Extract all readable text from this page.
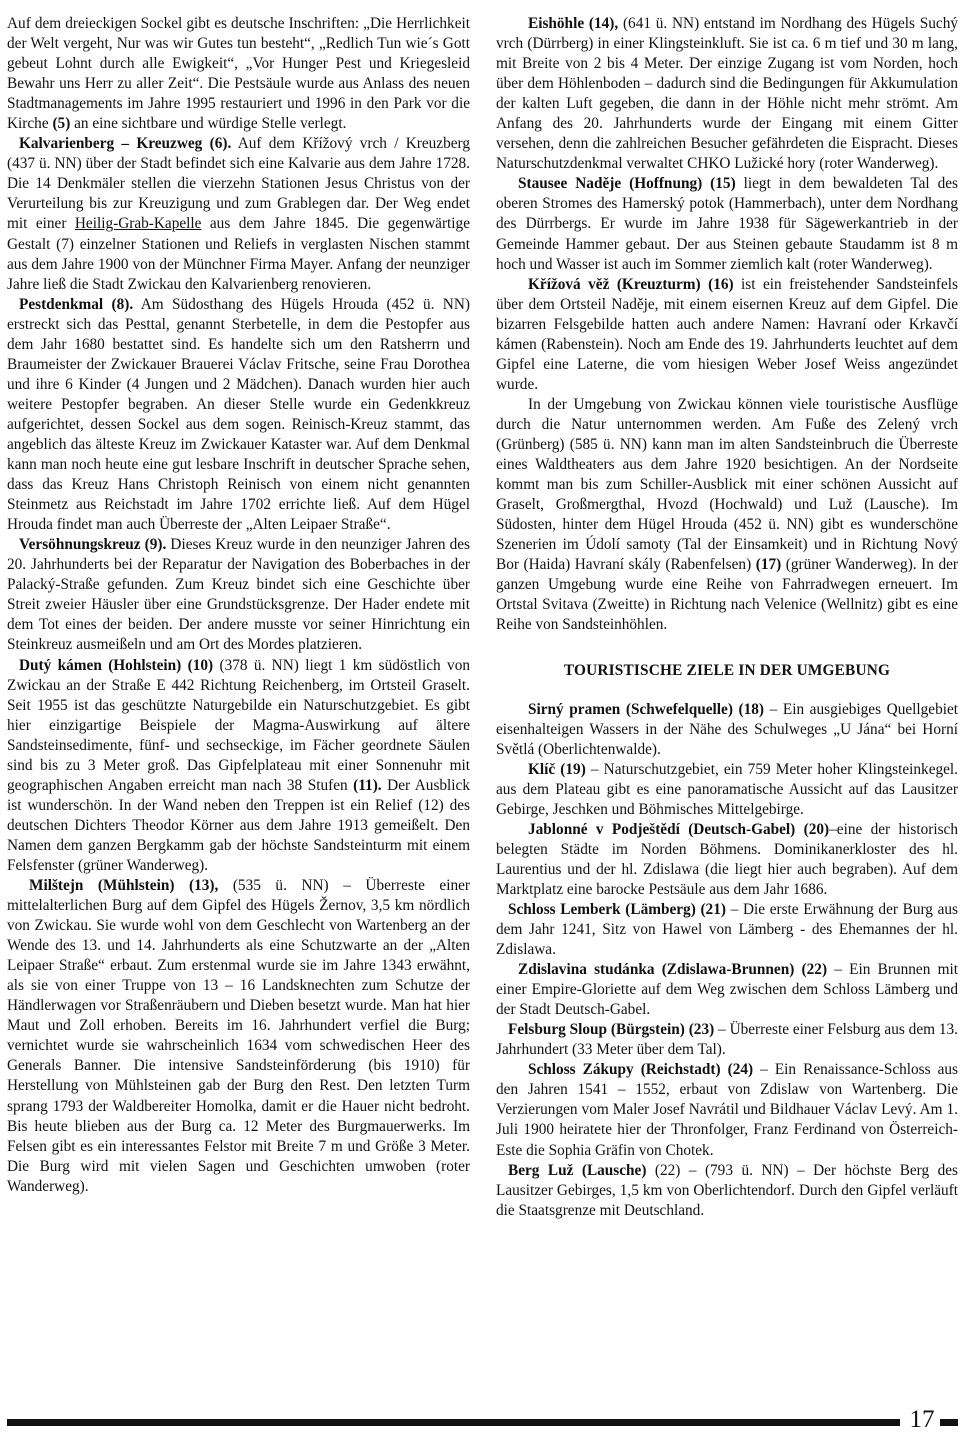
Auf dem dreieckigen Sockel gibt es deutsche Inschriften: „Die Herrlichkeit der Welt vergeht, Nur was wir Gutes tun besteht“, „Redlich Tun wie´s Gott gebeut Lohnt durch alle Ewigkeit“, „Vor Hunger Pest und Kriegesleid Bewahr uns Herr zu aller Zeit“. Die Pestsäule wurde aus Anlass des neuen Stadtmanagements im Jahre 1995 restauriert und 1996 in den Park vor die Kirche (5) an eine sichtbare und würdige Stelle verlegt.

Kalvarienberg – Kreuzweg (6). Auf dem Křížový vrch / Kreuzberg (437 ü. NN) über der Stadt befindet sich eine Kalvarie aus dem Jahre 1728. Die 14 Denkmäler stellen die vierzehn Stationen Jesus Christus von der Verurteilung bis zur Kreuzigung und zum Grablegen dar. Der Weg endet mit einer Heilig-Grab-Kapelle aus dem Jahre 1845. Die gegenwärtige Gestalt (7) einzelner Stationen und Reliefs in verglasten Nischen stammt aus dem Jahre 1900 von der Münchner Firma Mayer. Anfang der neunziger Jahre ließ die Stadt Zwickau den Kalvarienberg renovieren.

Pestdenkmal (8). Am Südosthang des Hügels Hrouda (452 ü. NN) erstreckt sich das Pesttal, genannt Sterbetelle, in dem die Pestopfer aus dem Jahr 1680 bestattet sind. Es handelte sich um den Ratsherrn und Braumeister der Zwickauer Brauerei Václav Fritsche, seine Frau Dorothea und ihre 6 Kinder (4 Jungen und 2 Mädchen). Danach wurden hier auch weitere Pestopfer begraben. An dieser Stelle wurde ein Gedenkkreuz aufgerichtet, dessen Sockel aus dem sogen. Reinisch-Kreuz stammt, das angeblich das älteste Kreuz im Zwickauer Kataster war. Auf dem Denkmal kann man noch heute eine gut lesbare Inschrift in deutscher Sprache sehen, dass das Kreuz Hans Christoph Reinisch von einem nicht genannten Steinmetz aus Reichstadt im Jahre 1702 errichte ließ. Auf dem Hügel Hrouda findet man auch Überreste der „Alten Leipaer Straße“.

Versöhnungskreuz (9). Dieses Kreuz wurde in den neunziger Jahren des 20. Jahrhunderts bei der Reparatur der Navigation des Boberbaches in der Palacký-Straße gefunden. Zum Kreuz bindet sich eine Geschichte über Streit zweier Häusler über eine Grundstücksgrenze. Der Hader endete mit dem Tot eines der beiden. Der andere musste vor seiner Hinrichtung ein Steinkreuz ausmeißeln und am Ort des Mordes platzieren.

Dutý kámen (Hohlstein) (10) (378 ü. NN) liegt 1 km südöstlich von Zwickau an der Straße E 442 Richtung Reichenberg, im Ortsteil Graselt. Seit 1955 ist das geschützte Naturgebilde ein Naturschutzgebiet. Es gibt hier einzigartige Beispiele der Magma-Auswirkung auf ältere Sandsteinsedimente, fünf- und sechseckige, im Fächer geordnete Säulen sind bis zu 3 Meter groß. Das Gipfelplateau mit einer Sonnenuhr mit geographischen Angaben erreicht man nach 38 Stufen (11). Der Ausblick ist wunderschön. In der Wand neben den Treppen ist ein Relief (12) des deutschen Dichters Theodor Körner aus dem Jahre 1913 gemeißelt. Den Namen dem ganzen Bergkamm gab der höchste Sandsteinturm mit einem Felsfenster (grüner Wanderweg).

Milštejn (Mühlstein) (13), (535 ü. NN) – Überreste einer mittelalterlichen Burg auf dem Gipfel des Hügels Žernov, 3,5 km nördlich von Zwickau. Sie wurde wohl von dem Geschlecht von Wartenberg an der Wende des 13. und 14. Jahrhunderts als eine Schutzwarte an der „Alten Leipaer Straße“ erbaut. Zum erstenmal wurde sie im Jahre 1343 erwähnt, als sie von einer Truppe von 13 – 16 Landsknechten zum Schutze der Händlerwagen vor Straßenräubern und Dieben besetzt wurde. Man hat hier Maut und Zoll erhoben. Bereits im 16. Jahrhundert verfiel die Burg; vernichtet wurde sie wahrscheinlich 1634 vom schwedischen Heer des Generals Banner. Die intensive Sandsteinförderung (bis 1910) für Herstellung von Mühlsteinen gab der Burg den Rest. Den letzten Turm sprang 1793 der Waldbereiter Homolka, damit er die Hauer nicht bedroht. Bis heute blieben aus der Burg ca. 12 Meter des Burgmauerwerks. Im Felsen gibt es ein interessantes Felstor mit Breite 7 m und Größe 3 Meter. Die Burg wird mit vielen Sagen und Geschichten umwoben (roter Wanderweg).

Eishöhle (14), (641 ü. NN) entstand im Nordhang des Hügels Suchý vrch (Dürrberg) in einer Klingsteinkluft. Sie ist ca. 6 m tief und 30 m lang, mit Breite von 2 bis 4 Meter. Der einzige Zugang ist vom Norden, hoch über dem Höhlenboden – dadurch sind die Bedingungen für Akkumulation der kalten Luft gegeben, die dann in der Höhle nicht mehr strömt. Am Anfang des 20. Jahrhunderts wurde der Eingang mit einem Gitter versehen, denn die zahlreichen Besucher gefährdeten die Eispracht. Dieses Naturschutzdenkmal verwaltet CHKO Lužické hory (roter Wanderweg).

Stausee Naděje (Hoffnung) (15) liegt in dem bewaldeten Tal des oberen Stromes des Hamerský potok (Hammerbach), unter dem Nordhang des Dürrbergs. Er wurde im Jahre 1938 für Sägewerkantrieb in der Gemeinde Hammer gebaut. Der aus Steinen gebaute Staudamm ist 8 m hoch und Wasser ist auch im Sommer ziemlich kalt (roter Wanderweg).

Křížová věž (Kreuzturm) (16) ist ein freistehender Sandsteinfels über dem Ortsteil Naděje, mit einem eisernen Kreuz auf dem Gipfel. Die bizarren Felsgebilde hatten auch andere Namen: Havraní oder Krkavčí kámen (Rabenstein). Noch am Ende des 19. Jahrhunderts leuchtet auf dem Gipfel eine Laterne, die vom hiesigen Weber Josef Weiss angezündet wurde.

In der Umgebung von Zwickau können viele touristische Ausflüge durch die Natur unternommen werden. Am Fuße des Zelený vrch (Grünberg) (585 ü. NN) kann man im alten Sandsteinbruch die Überreste eines Waldtheaters aus dem Jahre 1920 besichtigen. An der Nordseite kommt man bis zum Schiller-Ausblick mit einer schönen Aussicht auf Graselt, Großmergthal, Hvozd (Hochwald) und Luž (Lausche). Im Südosten, hinter dem Hügel Hrouda (452 ü. NN) gibt es wunderschöne Szenerien im Údolí samoty (Tal der Einsamkeit) und in Richtung Nový Bor (Haida) Havraní skály (Rabenfelsen) (17) (grüner Wanderweg). In der ganzen Umgebung wurde eine Reihe von Fahrradwegen erneuert. Im Ortstal Svitava (Zweitte) in Richtung nach Velenice (Wellnitz) gibt es eine Reihe von Sandsteinhöhlen.

TOURISTISCHE ZIELE IN DER UMGEBUNG

Sirný pramen (Schwefelquelle) (18) – Ein ausgiebiges Quellgebiet eisenhalteigen Wassers in der Nähe des Schulweges „U Jána“ bei Horní Světlá (Oberlichtenwalde).

Klíč (19) – Naturschutzgebiet, ein 759 Meter hoher Klingsteinkegel. aus dem Plateau gibt es eine panoramatische Aussicht auf das Lausitzer Gebirge, Jeschken und Böhmisches Mittelgebirge.

Jablonné v Podještědí (Deutsch-Gabel) (20)–eine der historisch belegten Städte im Norden Böhmens. Dominikanerkloster des hl. Laurentius und der hl. Zdislawa (die liegt hier auch begraben). Auf dem Marktplatz eine barocke Pestsäule aus dem Jahr 1686.

Schloss Lemberk (Lämberg) (21) – Die erste Erwähnung der Burg aus dem Jahr 1241, Sitz von Hawel von Lämberg - des Ehemannes der hl. Zdislawa.

Zdislavina studánka (Zdislawa-Brunnen) (22) – Ein Brunnen mit einer Empire-Gloriette auf dem Weg zwischen dem Schloss Lämberg und der Stadt Deutsch-Gabel.

Felsburg Sloup (Bürgstein) (23) – Überreste einer Felsburg aus dem 13. Jahrhundert (33 Meter über dem Tal).

Schloss Zákupy (Reichstadt) (24) – Ein Renaissance-Schloss aus den Jahren 1541 – 1552, erbaut von Zdislaw von Wartenberg. Die Verzierungen vom Maler Josef Navrátil und Bildhauer Václav Levý. Am 1. Juli 1900 heiratete hier der Thronfolger, Franz Ferdinand von Österreich-Este die Sophia Gräfin von Chotek.

Berg Luž (Lausche) (22) – (793 ü. NN) – Der höchste Berg des Lausitzer Gebirges, 1,5 km von Oberlichtendorf. Durch den Gipfel verläuft die Staatsgrenze mit Deutschland.

17
